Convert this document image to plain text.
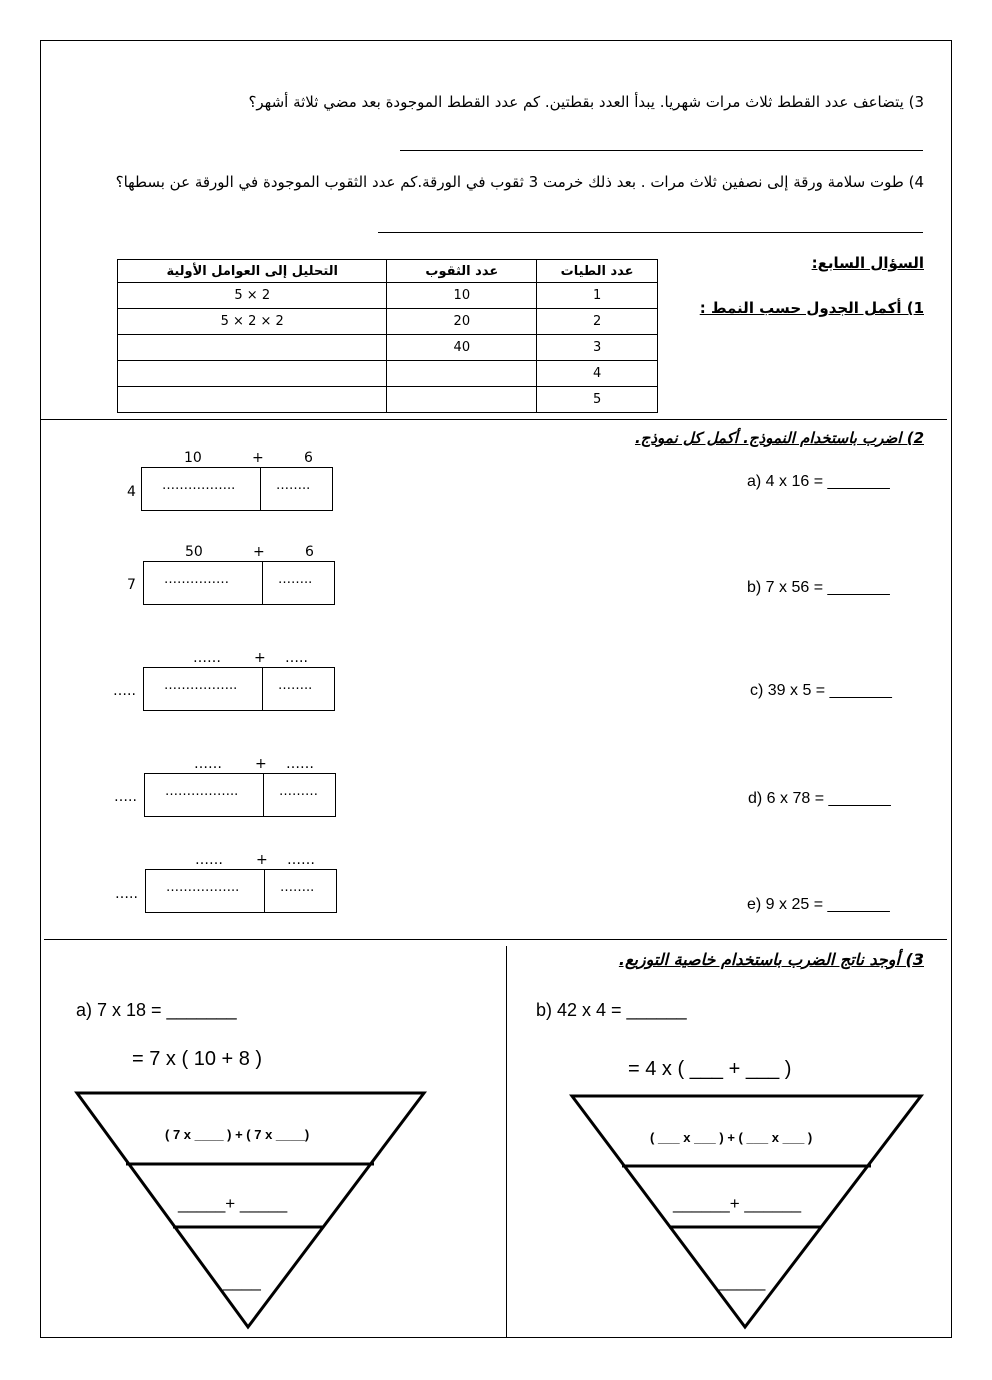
3) يتضاعف عدد القطط ثلاث مرات شهريا. يبدأ العدد بقطتين. كم عدد القطط الموجودة بعد مضي ثلاثة أشهر؟
4) طوت سلامة ورقة إلى نصفين ثلاث مرات . بعد ذلك خرمت 3 ثقوب في الورقة.كم عدد الثقوب الموجودة في الورقة عن بسطها؟
السؤال السابع:
1) أكمل الجدول حسب النمط :
عدد الطيات	عدد الثقوب	التحليل إلى العوامل الأولية
1	10	2 × 5
2	20	2 × 2 × 5
3	40	
4		
5		
2) اضرب باستخدام النموذج. أكمل كل نموذج.
10	+	6
4 ……………..	……..	a) 4 x 16 = _______
50	+	6
7 ……………	……..	b) 7 x 56 = _______
…… + …..
….. ……………..	……..	c) 39 x 5 = _______
…… + ……
….. ……………..	………	d) 6 x 78 = _______
…… + ……
….. ……………..	……..
e) 9 x 25 = _______
3) أوجد ناتج الضرب باستخدام خاصية التوزيع.
a) 7 x 18 = _______
= 7 x ( 10 + 8 )
( 7 x ____ ) + ( 7 x ____)
_____+ _____
____
b) 42 x 4 = ______
= 4 x ( ___ + ___ )
( ___ x ___ ) + ( ___ x ___ )
______+ ______
_____
